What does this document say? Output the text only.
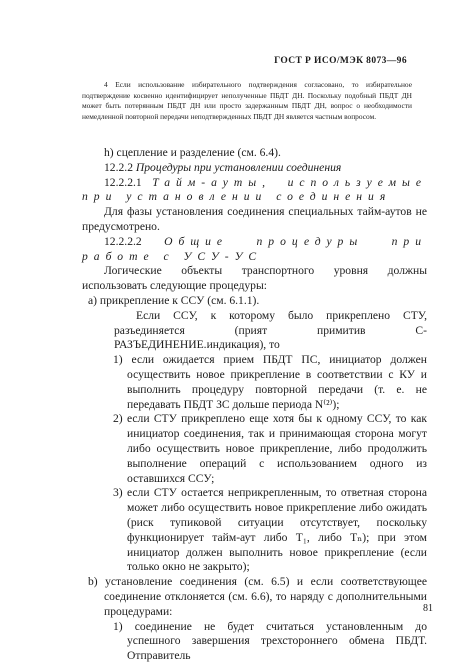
ГОСТ Р ИСО/МЭК 8073—96

4 Если использование избирательного подтверждения согласовано, то избирательное подтверждение косвенно идентифицирует неполученные ПБДТ ДН. Поскольку подобный ПБДТ ДН может быть потерянным ПБДТ ДН или просто задержанным ПБДТ ДН, вопрос о необходимости немедленной повторной передачи неподтвержденных ПБДТ ДН является частным вопросом.

h) сцепление и разделение (см. 6.4).

12.2.2 Процедуры при установлении соединения

12.2.2.1 Тайм-ауты, используемые при установлении соединения

Для фазы установления соединения специальных тайм-аутов не предусмотрено.

12.2.2.2 Общие процедуры при работе с УСУ-УС

Логические объекты транспортного уровня должны использовать следующие процедуры:

a) прикрепление к ССУ (см. 6.1.1).

Если ССУ, к которому было прикреплено СТУ, разъединяется (прият примитив С-РАЗЪЕДИНЕНИЕ.индикация), то

1) если ожидается прием ПБДТ ПС, инициатор должен осуществить новое прикрепление в соответствии с КУ и выполнить процедуру повторной передачи (т. е. не передавать ПБДТ ЗС дольше периода N⁽²⁾);

2) если СТУ прикреплено еще хотя бы к одному ССУ, то как инициатор соединения, так и принимающая сторона могут либо осуществить новое прикрепление, либо продолжить выполнение операций с использованием одного из оставшихся ССУ;

3) если СТУ остается неприкрепленным, то ответная сторона может либо осуществить новое прикрепление либо ожидать (риск тупиковой ситуации отсутствует, поскольку функционирует тайм-аут либо T₁, либо Tₙ); при этом инициатор должен выполнить новое прикрепление (если только окно не закрыто);

b) установление соединения (см. 6.5) и если соответствующее соединение отклоняется (см. 6.6), то наряду с дополнительными процедурами:

1) соединение не будет считаться установленным до успешного завершения трехстороннего обмена ПБДТ. Отправитель

81
